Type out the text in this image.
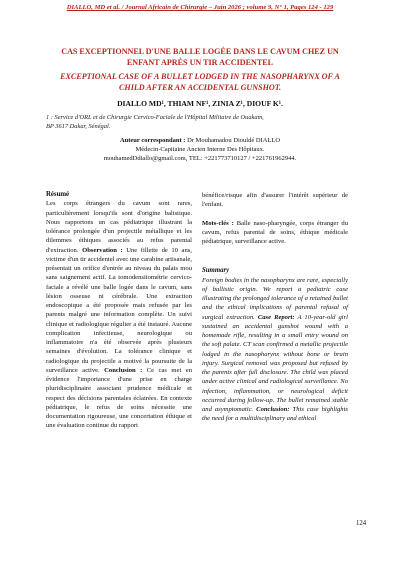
DIALLO, MD et al. / Journal Africain de Chirurgie – Juin 2026 ; volume 9, N° 1, Pages 124 - 129
CAS EXCEPTIONNEL D'UNE BALLE LOGÉE DANS LE CAVUM CHEZ UN ENFANT APRÈS UN TIR ACCIDENTEL
EXCEPTIONAL CASE OF A BULLET LODGED IN THE NASOPHARYNX OF A CHILD AFTER AN ACCIDENTAL GUNSHOT.
DIALLO MD¹, THIAM NF¹, ZINIA Z¹, DIOUF K¹.
1 : Service d'ORL et de Chirurgie Cervico-Faciale de l'Hôpital Militaire de Ouakam, BP 3617 Dakar, Sénégal.
Auteur correspondant : Dr Mouhamadou Diouldé DIALLO
Médecin-Capitaine Ancien Interne Des Hôpitaux.
mouhamedDdiallo@gmail.com, TEL: +221773710127 / +221761962944.
Résumé
Les corps étrangers du cavum sont rares, particulièrement lorsqu'ils sont d'origine balistique. Nous rapportons un cas pédiatrique illustrant la tolérance prolongée d'un projectile métallique et les dilemmes éthiques associés au refus parental d'extraction. Observation : Une fillette de 10 ans, victime d'un tir accidentel avec une carabine artisanale, présentait un orifice d'entrée au niveau du palais mou sans saignement actif. La tomodensitométrie cervico-faciale a révélé une balle logée dans le cavum, sans lésion osseuse ni cérébrale. Une extraction endoscopique a été proposée mais refusée par les parents malgré une information complète. Un suivi clinique et radiologique régulier a été instauré. Aucune complication infectieuse, neurologique ou inflammatoire n'a été observée après plusieurs semaines d'évolution. La tolérance clinique et radiologique du projectile a motivé la poursuite de la surveillance active. Conclusion : Ce cas met en évidence l'importance d'une prise en charge pluridisciplinaire associant prudence médicale et respect des décisions parentales éclairées. En contexte pédiatrique, le refus de soins nécessite une documentation rigoureuse, une concertation éthique et une évaluation continue du rapport
bénéfice/risque afin d'assurer l'intérêt supérieur de l'enfant.
Mots-clés : Balle naso-pharyngée, corps étranger du cavum, refus parental de soins, éthique médicale pédiatrique, surveillance active.
Summary
Foreign bodies in the nasopharynx are rare, especially of ballistic origin. We report a pediatric case illustrating the prolonged tolerance of a retained bullet and the ethical implications of parental refusal of surgical extraction. Case Report: A 10-year-old girl sustained an accidental gunshot wound with a homemade rifle, resulting in a small entry wound on the soft palate. CT scan confirmed a metallic projectile lodged in the nasopharynx without bone or brain injury. Surgical removal was proposed but refused by the parents after full disclosure. The child was placed under active clinical and radiological surveillance. No infection, inflammation, or neurological deficit occurred during follow-up. The bullet remained stable and asymptomatic. Conclusion: This case highlights the need for a multidisciplinary and ethical
124
